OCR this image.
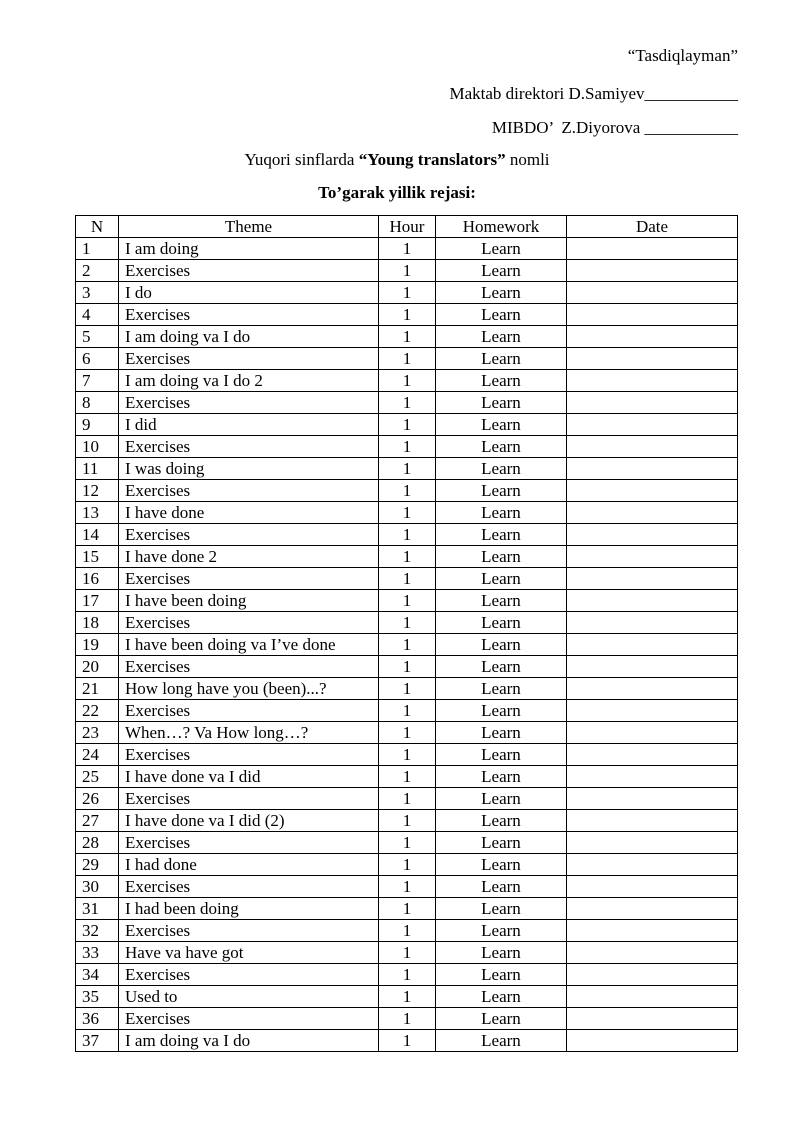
“Tasdiqlayman”
Maktab direktori D.Samiyev___________
MIBDO’  Z.Diyorova ___________
Yuqori sinflarda “Young translators” nomli
To’garak yillik rejasi:
N	Theme	Hour	Homework	Date
1	I am doing	1	Learn	
2	Exercises	1	Learn	
3	I do	1	Learn	
4	Exercises	1	Learn	
5	I am doing va I do	1	Learn	
6	Exercises	1	Learn	
7	I am doing va I do 2	1	Learn	
8	Exercises	1	Learn	
9	I did	1	Learn	
10	Exercises	1	Learn	
11	I was doing	1	Learn	
12	Exercises	1	Learn	
13	I have done	1	Learn	
14	Exercises	1	Learn	
15	I have done 2	1	Learn	
16	Exercises	1	Learn	
17	I have been doing	1	Learn	
18	Exercises	1	Learn	
19	I have been doing va I’ve done	1	Learn	
20	Exercises	1	Learn	
21	How long have you (been)...?	1	Learn	
22	Exercises	1	Learn	
23	When…? Va How long…?	1	Learn	
24	Exercises	1	Learn	
25	I have done va I did	1	Learn	
26	Exercises	1	Learn	
27	I have done va I did (2)	1	Learn	
28	Exercises	1	Learn	
29	I had done	1	Learn	
30	Exercises	1	Learn	
31	I had been doing	1	Learn	
32	Exercises	1	Learn	
33	Have va have got	1	Learn	
34	Exercises	1	Learn	
35	Used to	1	Learn	
36	Exercises	1	Learn	
37	I am doing va I do	1	Learn	
